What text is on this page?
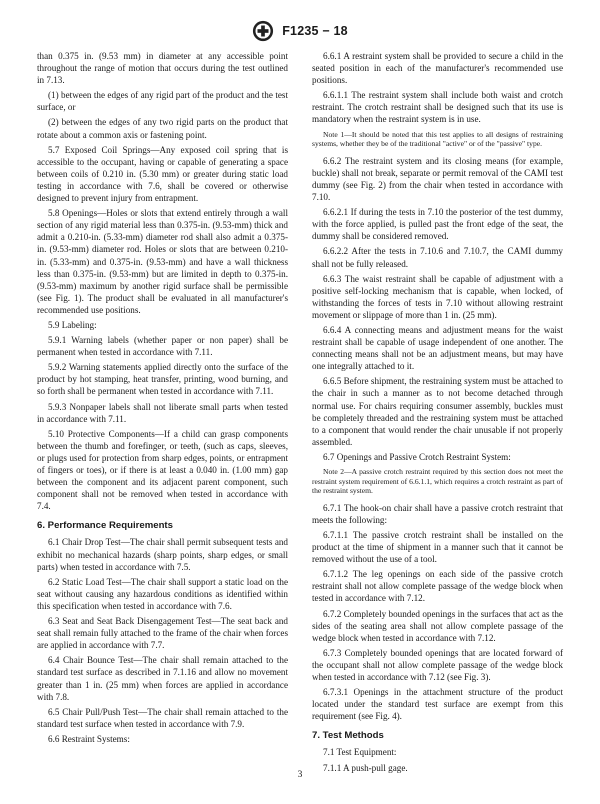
F1235 − 18

than 0.375 in. (9.53 mm) in diameter at any accessible point throughout the range of motion that occurs during the test outlined in 7.13.

(1) between the edges of any rigid part of the product and the test surface, or

(2) between the edges of any two rigid parts on the product that rotate about a common axis or fastening point.

5.7 Exposed Coil Springs—Any exposed coil spring that is accessible to the occupant, having or capable of generating a space between coils of 0.210 in. (5.30 mm) or greater during static load testing in accordance with 7.6, shall be covered or otherwise designed to prevent injury from entrapment.

5.8 Openings—Holes or slots that extend entirely through a wall section of any rigid material less than 0.375-in. (9.53-mm) thick and admit a 0.210-in. (5.33-mm) diameter rod shall also admit a 0.375-in. (9.53-mm) diameter rod. Holes or slots that are between 0.210-in. (5.33-mm) and 0.375-in. (9.53-mm) and have a wall thickness less than 0.375-in. (9.53-mm) but are limited in depth to 0.375-in. (9.53-mm) maximum by another rigid surface shall be permissible (see Fig. 1). The product shall be evaluated in all manufacturer's recommended use positions.

5.9 Labeling:

5.9.1 Warning labels (whether paper or non paper) shall be permanent when tested in accordance with 7.11.

5.9.2 Warning statements applied directly onto the surface of the product by hot stamping, heat transfer, printing, wood burning, and so forth shall be permanent when tested in accordance with 7.11.

5.9.3 Nonpaper labels shall not liberate small parts when tested in accordance with 7.11.

5.10 Protective Components—If a child can grasp components between the thumb and forefinger, or teeth, (such as caps, sleeves, or plugs used for protection from sharp edges, points, or entrapment of fingers or toes), or if there is at least a 0.040 in. (1.00 mm) gap between the component and its adjacent parent component, such component shall not be removed when tested in accordance with 7.4.

6. Performance Requirements

6.1 Chair Drop Test—The chair shall permit subsequent tests and exhibit no mechanical hazards (sharp points, sharp edges, or small parts) when tested in accordance with 7.5.

6.2 Static Load Test—The chair shall support a static load on the seat without causing any hazardous conditions as identified within this specification when tested in accordance with 7.6.

6.3 Seat and Seat Back Disengagement Test—The seat back and seat shall remain fully attached to the frame of the chair when forces are applied in accordance with 7.7.

6.4 Chair Bounce Test—The chair shall remain attached to the standard test surface as described in 7.1.16 and allow no movement greater than 1 in. (25 mm) when forces are applied in accordance with 7.8.

6.5 Chair Pull/Push Test—The chair shall remain attached to the standard test surface when tested in accordance with 7.9.

6.6 Restraint Systems:

6.6.1 A restraint system shall be provided to secure a child in the seated position in each of the manufacturer's recommended use positions.

6.6.1.1 The restraint system shall include both waist and crotch restraint. The crotch restraint shall be designed such that its use is mandatory when the restraint system is in use.

Note 1—It should be noted that this test applies to all designs of restraining systems, whether they be of the traditional "active" or of the "passive" type.

6.6.2 The restraint system and its closing means (for example, buckle) shall not break, separate or permit removal of the CAMI test dummy (see Fig. 2) from the chair when tested in accordance with 7.10.

6.6.2.1 If during the tests in 7.10 the posterior of the test dummy, with the force applied, is pulled past the front edge of the seat, the dummy shall be considered removed.

6.6.2.2 After the tests in 7.10.6 and 7.10.7, the CAMI dummy shall not be fully released.

6.6.3 The waist restraint shall be capable of adjustment with a positive self-locking mechanism that is capable, when locked, of withstanding the forces of tests in 7.10 without allowing restraint movement or slippage of more than 1 in. (25 mm).

6.6.4 A connecting means and adjustment means for the waist restraint shall be capable of usage independent of one another. The connecting means shall not be an adjustment means, but may have one integrally attached to it.

6.6.5 Before shipment, the restraining system must be attached to the chair in such a manner as to not become detached through normal use. For chairs requiring consumer assembly, buckles must be completely threaded and the restraining system must be attached to a component that would render the chair unusable if not properly assembled.

6.7 Openings and Passive Crotch Restraint System:

Note 2—A passive crotch restraint required by this section does not meet the restraint system requirement of 6.6.1.1, which requires a crotch restraint as part of the restraint system.

6.7.1 The hook-on chair shall have a passive crotch restraint that meets the following:

6.7.1.1 The passive crotch restraint shall be installed on the product at the time of shipment in a manner such that it cannot be removed without the use of a tool.

6.7.1.2 The leg openings on each side of the passive crotch restraint shall not allow complete passage of the wedge block when tested in accordance with 7.12.

6.7.2 Completely bounded openings in the surfaces that act as the sides of the seating area shall not allow complete passage of the wedge block when tested in accordance with 7.12.

6.7.3 Completely bounded openings that are located forward of the occupant shall not allow complete passage of the wedge block when tested in accordance with 7.12 (see Fig. 3).

6.7.3.1 Openings in the attachment structure of the product located under the standard test surface are exempt from this requirement (see Fig. 4).

7. Test Methods

7.1 Test Equipment:

7.1.1 A push-pull gage.

3
